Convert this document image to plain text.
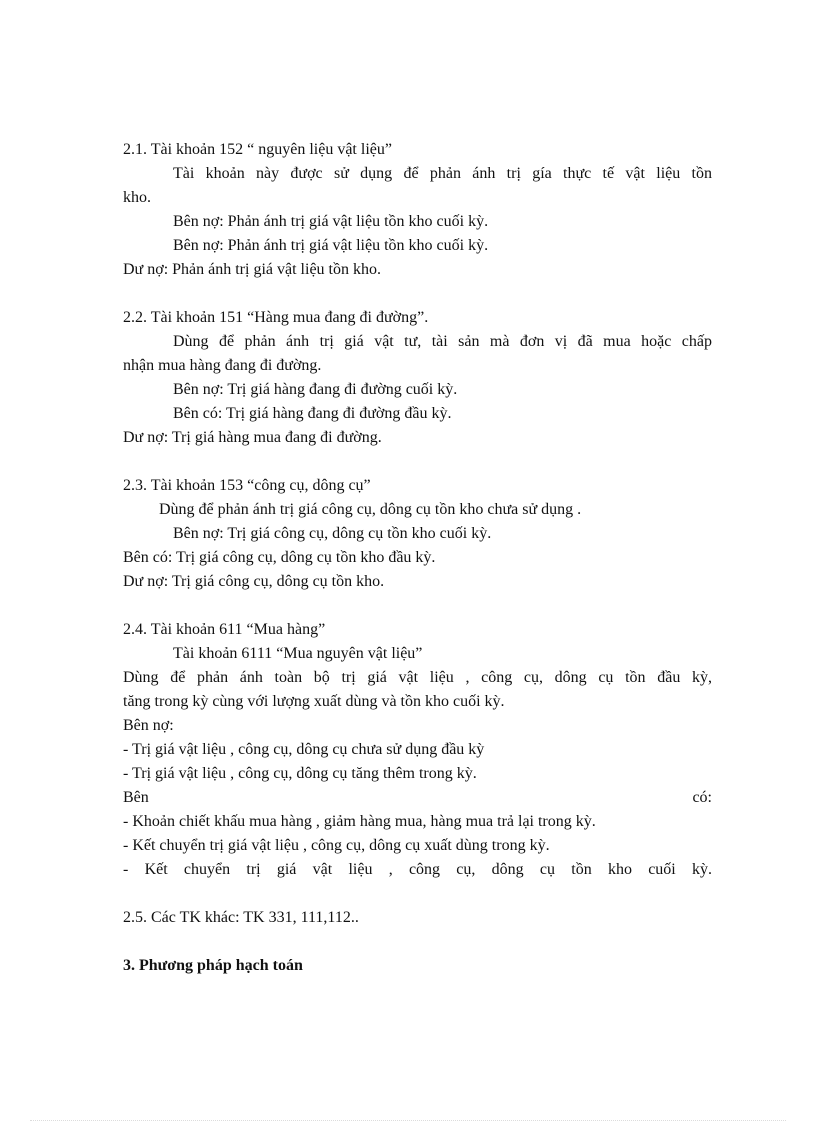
2.1. Tài khoản 152 “ nguyên liệu vật liệu”
Tài khoản này được sử dụng để phản ánh trị gía thực tế vật liệu tồn
kho.
Bên nợ: Phản ánh trị giá vật liệu tồn kho cuối kỳ.
Bên nợ: Phản ánh trị giá vật liệu tồn kho cuối kỳ.
Dư nợ: Phản ánh trị giá vật liệu tồn kho.
2.2. Tài khoản 151 “Hàng mua đang đi đường”.
Dùng để phản ánh trị giá vật tư, tài sản mà đơn vị đã mua hoặc chấp
nhận mua hàng đang đi đường.
Bên nợ: Trị giá hàng đang đi đường cuối kỳ.
Bên có: Trị giá hàng đang đi đường đầu kỳ.
Dư nợ: Trị giá hàng mua đang đi đường.
2.3. Tài khoản 153 “công cụ, dông cụ”
Dùng để phản ánh trị giá công cụ, dông cụ tồn kho chưa sử dụng .
Bên nợ: Trị giá công cụ, dông cụ tồn kho cuối kỳ.
Bên có: Trị giá công cụ, dông cụ tồn kho đầu kỳ.
Dư nợ: Trị giá công cụ, dông cụ tồn kho.
2.4. Tài khoản 611 “Mua hàng”
Tài khoản 6111 “Mua nguyên vật liệu”
Dùng để phản ánh toàn bộ trị giá vật liệu , công cụ, dông cụ tồn đầu kỳ,
tăng trong kỳ cùng với lượng xuất dùng và tồn kho cuối kỳ.
Bên nợ:
- Trị giá vật liệu , công cụ, dông cụ chưa sử dụng đầu kỳ
- Trị giá vật liệu , công cụ, dông cụ tăng thêm trong kỳ.
Bên	có:
- Khoản chiết khấu mua hàng , giảm hàng mua, hàng mua trả lại trong kỳ.
- Kết chuyển trị giá vật liệu , công cụ, dông cụ xuất dùng trong kỳ.
- Kết chuyển trị giá vật liệu , công cụ, dông cụ tồn kho cuối kỳ.
2.5. Các TK khác: TK 331, 111,112..
3. Phương pháp hạch toán
